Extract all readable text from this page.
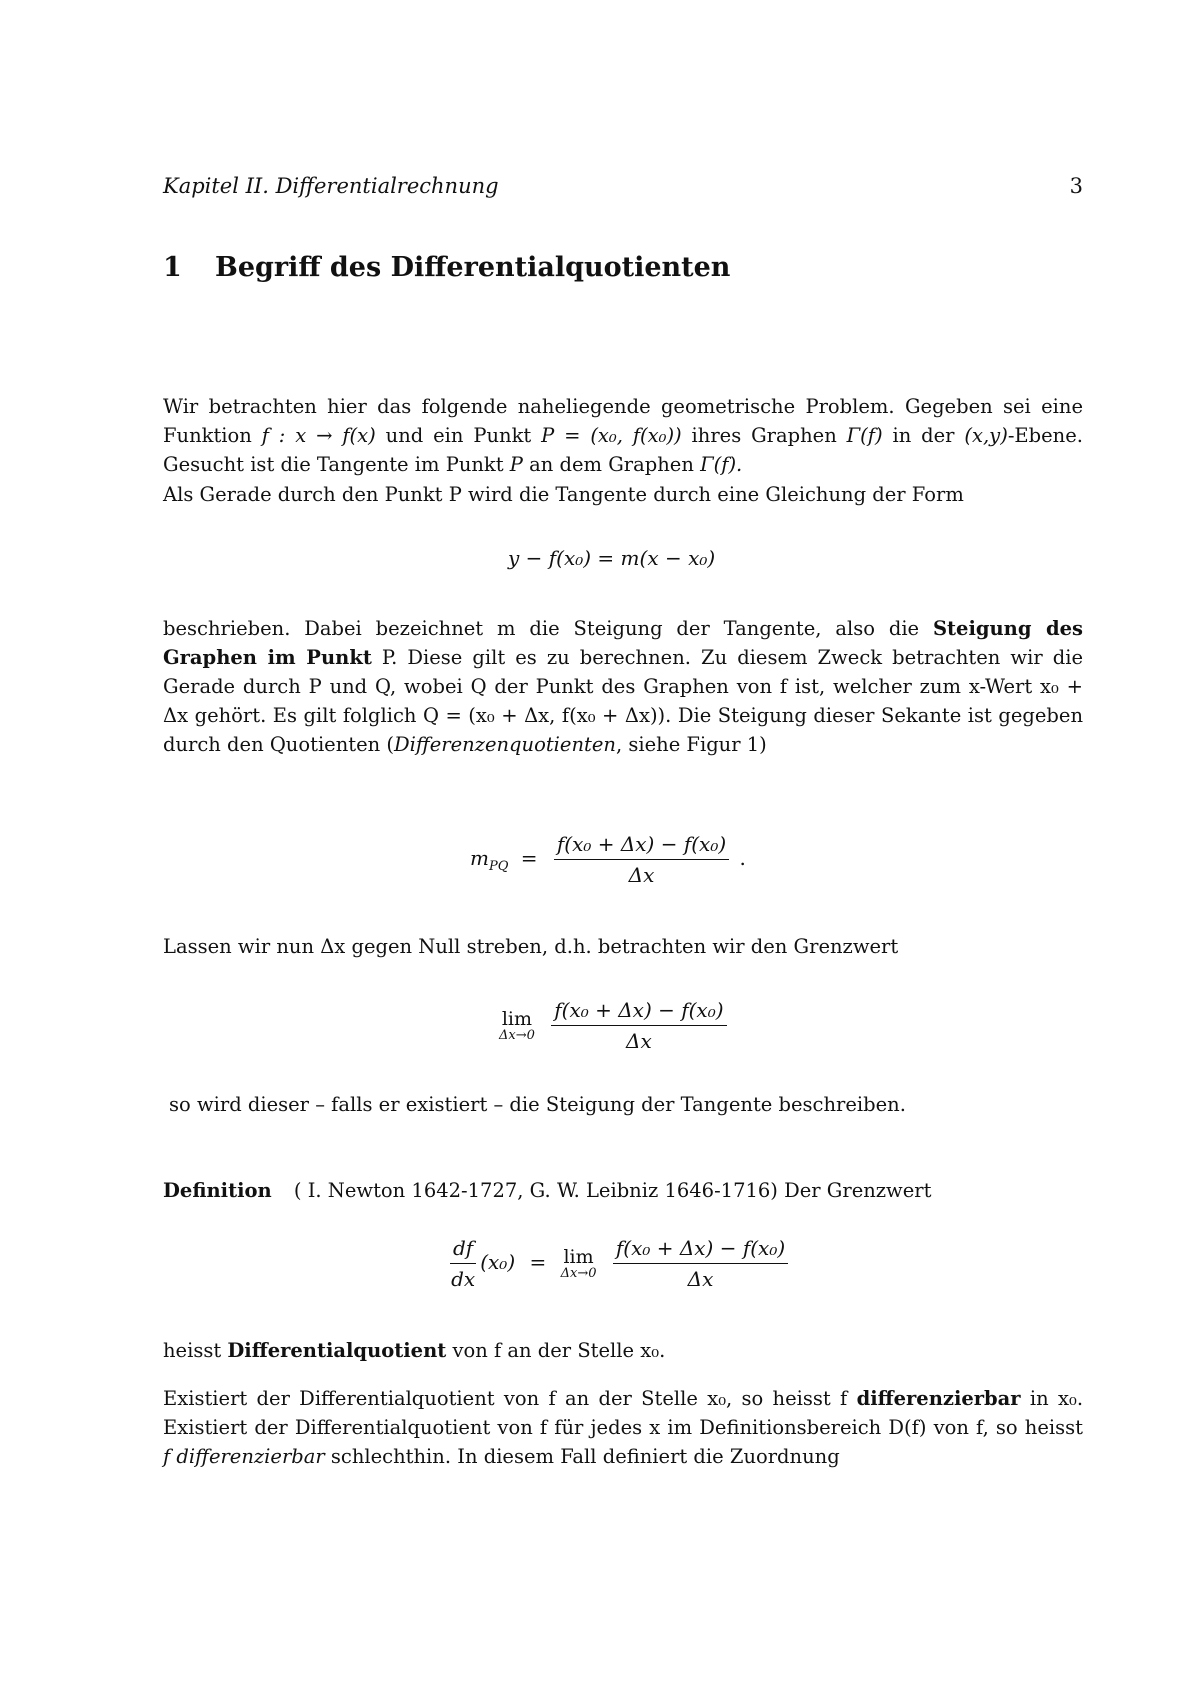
Kapitel II. Differentialrechnung	3
1 Begriff des Differentialquotienten
Wir betrachten hier das folgende naheliegende geometrische Problem. Gegeben sei eine Funktion f : x → f(x) und ein Punkt P = (x₀, f(x₀)) ihres Graphen Γ(f) in der (x,y)-Ebene. Gesucht ist die Tangente im Punkt P an dem Graphen Γ(f).
Als Gerade durch den Punkt P wird die Tangente durch eine Gleichung der Form
y − f(x₀) = m(x − x₀)
beschrieben. Dabei bezeichnet m die Steigung der Tangente, also die Steigung des Graphen im Punkt P. Diese gilt es zu berechnen. Zu diesem Zweck betrachten wir die Gerade durch P und Q, wobei Q der Punkt des Graphen von f ist, welcher zum x-Wert x₀ + Δx gehört. Es gilt folglich Q = (x₀ + Δx, f(x₀ + Δx)). Die Steigung dieser Sekante ist gegeben durch den Quotienten (Differenzenquotienten, siehe Figur 1)
$m_{PQ} = \frac{\text{f(x₀ + Δx) − f(x₀)}}{\Delta x}$ .
Lassen wir nun Δx gegen Null streben, d.h. betrachten wir den Grenzwert
lim
Δx→0
$\frac{\text{f(x₀ + Δx) − f(x₀)}}{\Delta x}$
so wird dieser – falls er existiert – die Steigung der Tangente beschreiben.
Definition ( I. Newton 1642-1727, G. W. Leibniz 1646-1716) Der Grenzwert
$\frac{df}{dx} (x_0) = \lim$
Δx→0
$\frac{\text{f(x₀ + Δx) − f(x₀)}}{\Delta x}$
heisst Differentialquotient von f an der Stelle x₀.
Existiert der Differentialquotient von f an der Stelle x₀, so heisst f differenzierbar in x₀. Existiert der Differentialquotient von f für jedes x im Definitionsbereich D(f) von f, so heisst f differenzierbar schlechthin. In diesem Fall definiert die Zuordnung
